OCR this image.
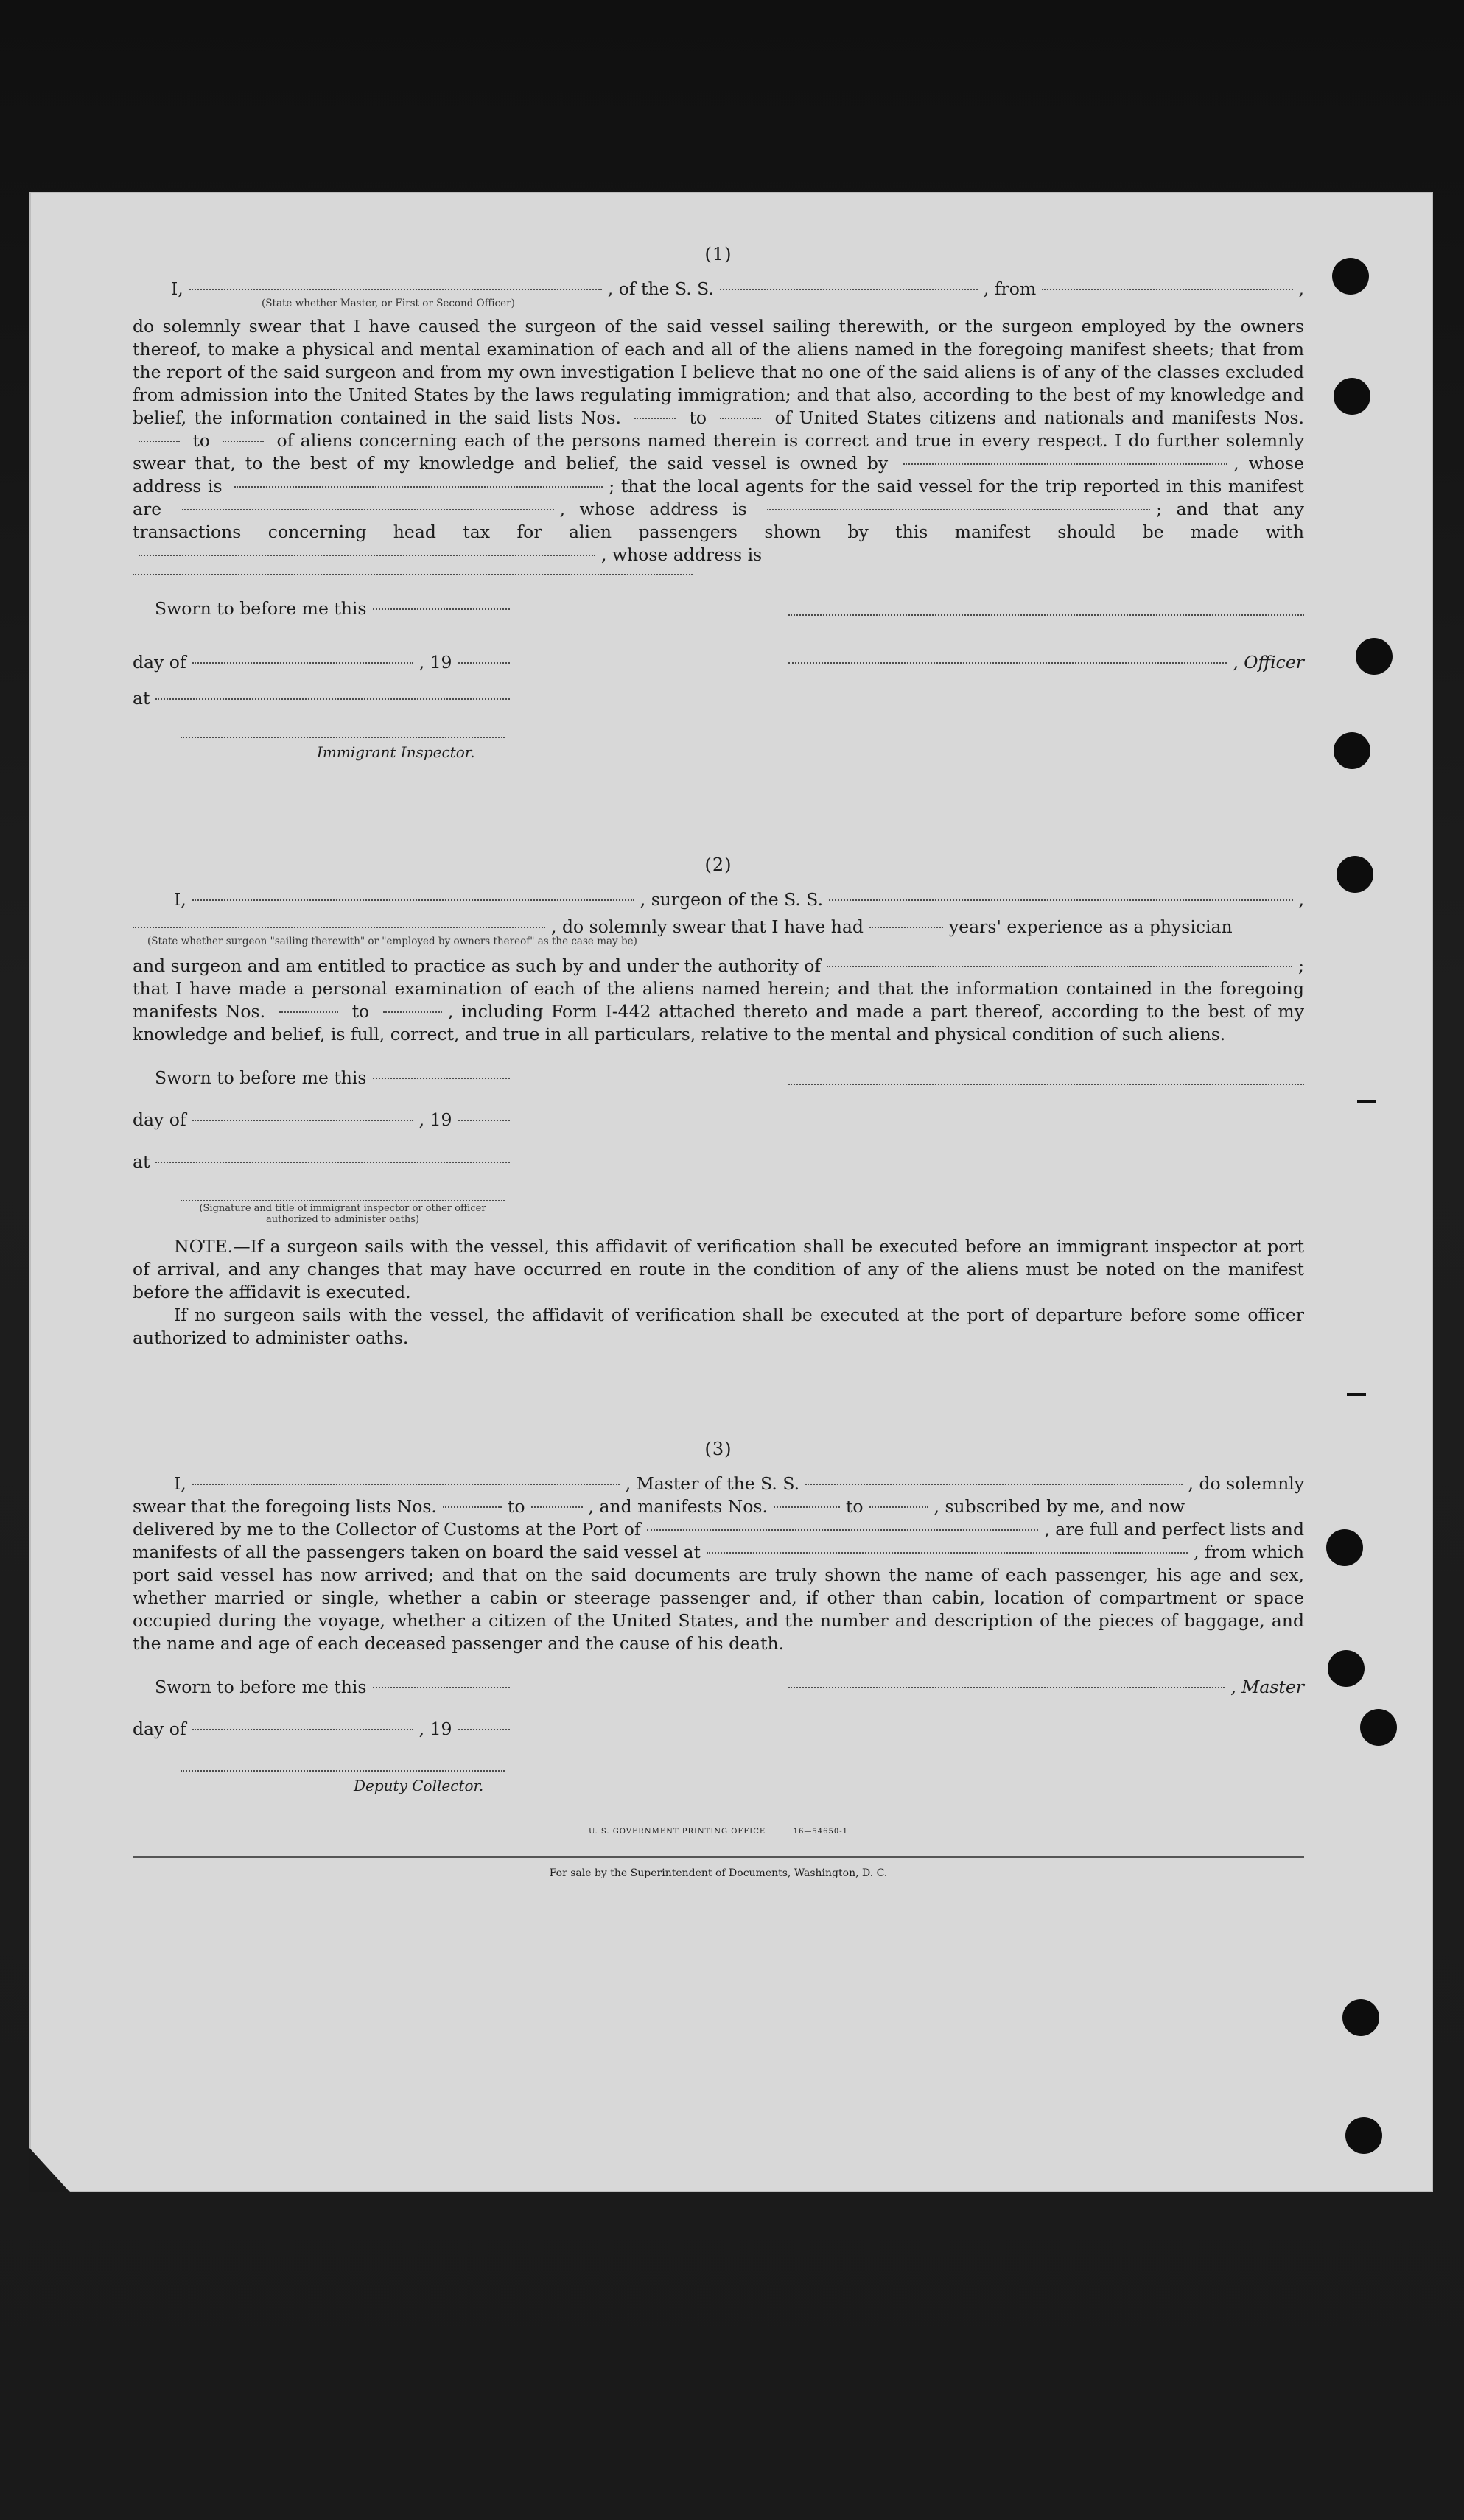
(1)
I,	, of the S. S.	, from	,
(State whether Master, or First or Second Officer)
do solemnly swear that I have caused the surgeon of the said vessel sailing therewith, or the surgeon employed by the owners thereof, to make a physical and mental examination of each and all of the aliens named in the foregoing manifest sheets; that from the report of the said surgeon and from my own investigation I believe that no one of the said aliens is of any of the classes excluded from admission into the United States by the laws regulating immigration; and that also, according to the best of my knowledge and belief, the information contained in the said lists Nos.	to	of United States citizens and nationals and manifests Nos.  to	of aliens concerning each of the persons named therein is correct and true in every respect. I do further solemnly swear that, to the best of my knowledge and belief, the said vessel is owned by	, whose address is	; that the local agents for the said vessel for the trip reported in this manifest are	, whose address is	; and that any transactions concerning head tax for alien passengers shown by this manifest should be made with , whose address is
Sworn to before me this
day of	, 19	, Officer
at
Immigrant Inspector.
(2)
I,	, surgeon of the S. S.	,
, do solemnly swear that I have had	years' experience as a physician
(State whether surgeon "sailing therewith" or "employed by owners thereof" as the case may be)
and surgeon and am entitled to practice as such by and under the authority of	;
that I have made a personal examination of each of the aliens named herein; and that the information contained in the foregoing manifests Nos.	to	, including Form I-442 attached thereto and made a part thereof, according to the best of my knowledge and belief, is full, correct, and true in all particulars, relative to the mental and physical condition of such aliens.
Sworn to before me this
day of	, 19
at
(Signature and title of immigrant inspector or other officer authorized to administer oaths)
NOTE.—If a surgeon sails with the vessel, this affidavit of verification shall be executed before an immigrant inspector at port of arrival, and any changes that may have occurred en route in the condition of any of the aliens must be noted on the manifest before the affidavit is executed.
If no surgeon sails with the vessel, the affidavit of verification shall be executed at the port of departure before some officer authorized to administer oaths.
(3)
I,	, Master of the S. S.	, do solemnly
swear that the foregoing lists Nos.	to	, and manifests Nos.	to	, subscribed by me, and now
delivered by me to the Collector of Customs at the Port of	, are full and perfect lists and
manifests of all the passengers taken on board the said vessel at	, from which
port said vessel has now arrived; and that on the said documents are truly shown the name of each passenger, his age and sex, whether married or single, whether a cabin or steerage passenger and, if other than cabin, location of compartment or space occupied during the voyage, whether a citizen of the United States, and the number and description of the pieces of baggage, and the name and age of each deceased passenger and the cause of his death.
Sworn to before me this	, Master
day of	, 19
Deputy Collector.
U. S. GOVERNMENT PRINTING OFFICE	16—54650-1
For sale by the Superintendent of Documents, Washington, D. C.
